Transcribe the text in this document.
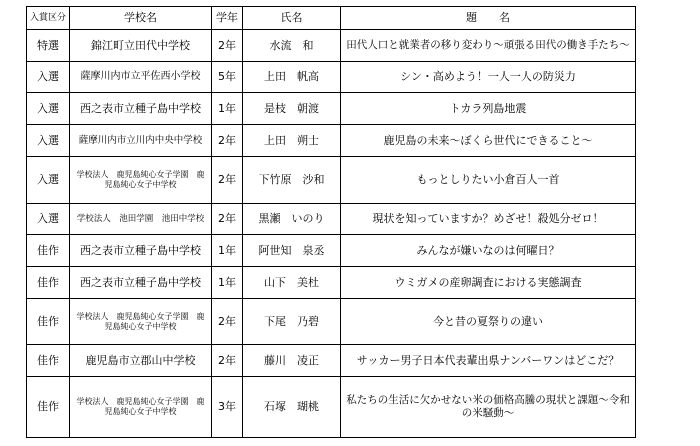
入賞区分	学校名	学年	氏名	題　　名
特選	錦江町立田代中学校	2年	水流　和	田代人口と就業者の移り変わり～頑張る田代の働き手たち～
入選	薩摩川内市立平佐西小学校	5年	上田　帆高	シン・高めよう！一人一人の防災力
入選	西之表市立種子島中学校	1年	是枝　朝渡	トカラ列島地震
入選	薩摩川内市立川内中央中学校	2年	上田　朔士	鹿児島の未来～ぼくら世代にできること～
入選	学校法人　鹿児島純心女子学園　鹿児島純心女子中学校	2年	下竹原　沙和	もっとしりたい小倉百人一首
入選	学校法人　池田学園　池田中学校	2年	黒瀬　いのり	現状を知っていますか？めざせ！殺処分ゼロ！
佳作	西之表市立種子島中学校	1年	阿世知　泉丞	みんなが嫌いなのは何曜日？
佳作	西之表市立種子島中学校	1年	山下　美杜	ウミガメの産卵調査における実態調査
佳作	学校法人　鹿児島純心女子学園　鹿児島純心女子中学校	2年	下尾　乃碧	今と昔の夏祭りの違い
佳作	鹿児島市立郡山中学校	2年	藤川　凌正	サッカー男子日本代表輩出県ナンバーワンはどこだ？
佳作	学校法人　鹿児島純心女子学園　鹿児島純心女子中学校	3年	石塚　瑚桃	私たちの生活に欠かせない米の価格高騰の現状と課題～令和の米騒動～
